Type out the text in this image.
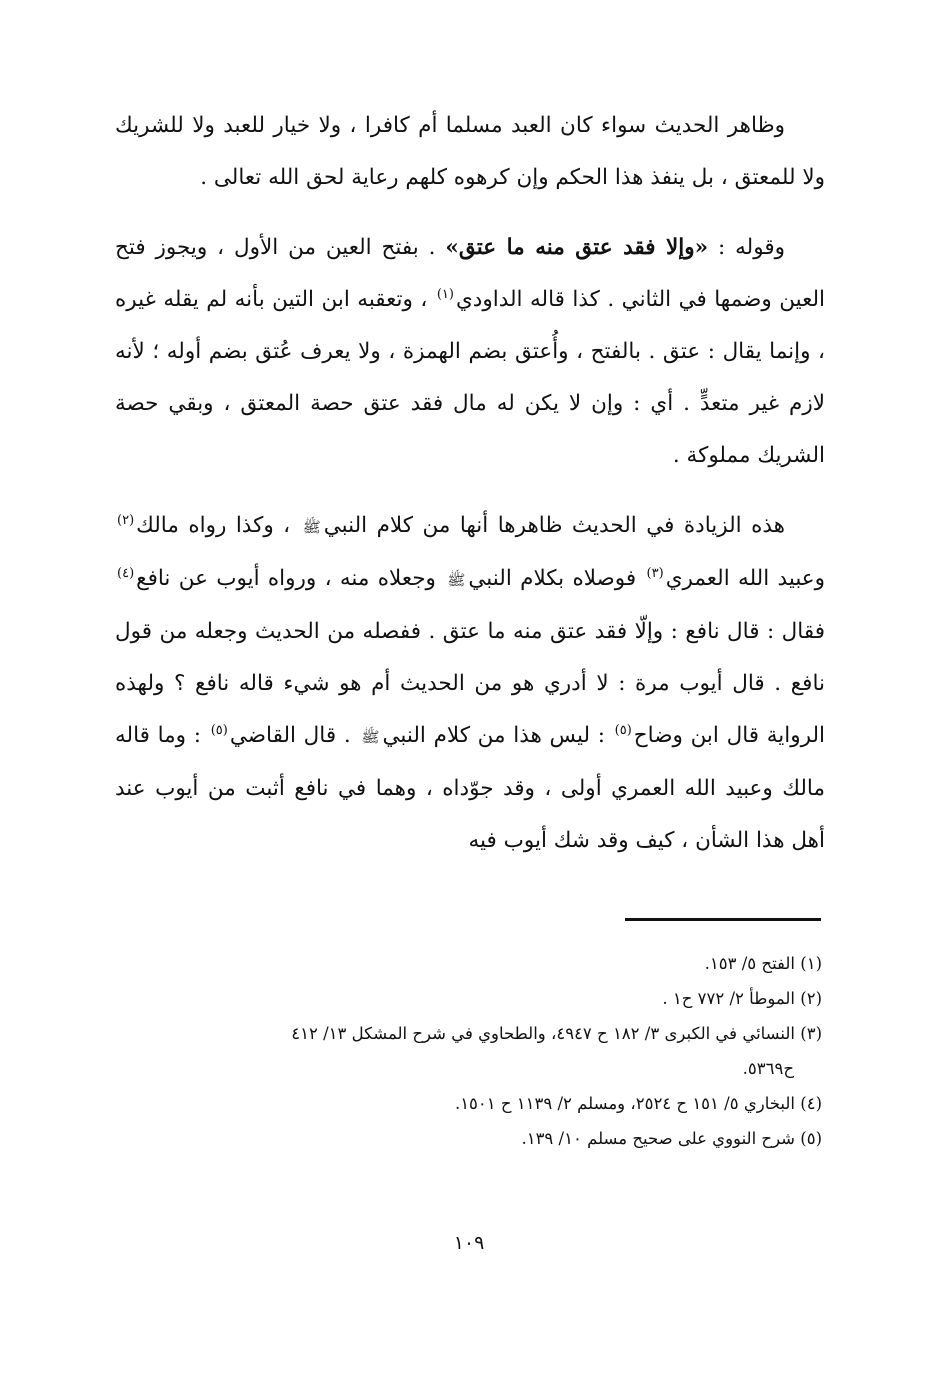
وظاهر الحديث سواء كان العبد مسلما أم كافرا ، ولا خيار للعبد ولا للشريك ولا للمعتق ، بل ينفذ هذا الحكم وإن كرهوه كلهم رعاية لحق الله تعالى .

وقوله : «وإلا فقد عتق منه ما عتق» . بفتح العين من الأول ، ويجوز فتح العين وضمها في الثاني . كذا قاله الداودي$^{(١)}$ ، وتعقبه ابن التين بأنه لم يقله غيره ، وإنما يقال : عتق . بالفتح ، وأُعتق بضم الهمزة ، ولا يعرف عُتق بضم أوله ؛ لأنه لازم غير متعدٍّ . أي : وإن لا يكن له مال فقد عتق حصة المعتق ، وبقي حصة الشريك مملوكة .

هذه الزيادة في الحديث ظاهرها أنها من كلام النبيﷺ ، وكذا رواه مالك$^{(٢)}$ وعبيد الله العمري$^{(٣)}$ فوصلاه بكلام النبيﷺ وجعلاه منه ، ورواه أيوب عن نافع$^{(٤)}$ فقال : قال نافع : وإلّا فقد عتق منه ما عتق . ففصله من الحديث وجعله من قول نافع . قال أيوب مرة : لا أدري هو من الحديث أم هو شيء قاله نافع ؟ ولهذه الرواية قال ابن وضاح$^{(٥)}$ : ليس هذا من كلام النبيﷺ . قال القاضي$^{(٥)}$ : وما قاله مالك وعبيد الله العمري أولى ، وقد جوّداه ، وهما في نافع أثبت من أيوب عند أهل هذا الشأن ، كيف وقد شك أيوب فيه

(١) الفتح ٥/ ١٥٣.

(٢) الموطأ ٢/ ٧٧٢ ح١ .

(٣) النسائي في الكبرى ٣/ ١٨٢ ح ٤٩٤٧، والطحاوي في شرح المشكل ١٣/ ٤١٢

ح٥٣٦٩.

(٤) البخاري ٥/ ١٥١ ح ٢٥٢٤، ومسلم ٢/ ١١٣٩ ح ١٥٠١.

(٥) شرح النووي على صحيح مسلم ١٠/ ١٣٩.

١٠٩
